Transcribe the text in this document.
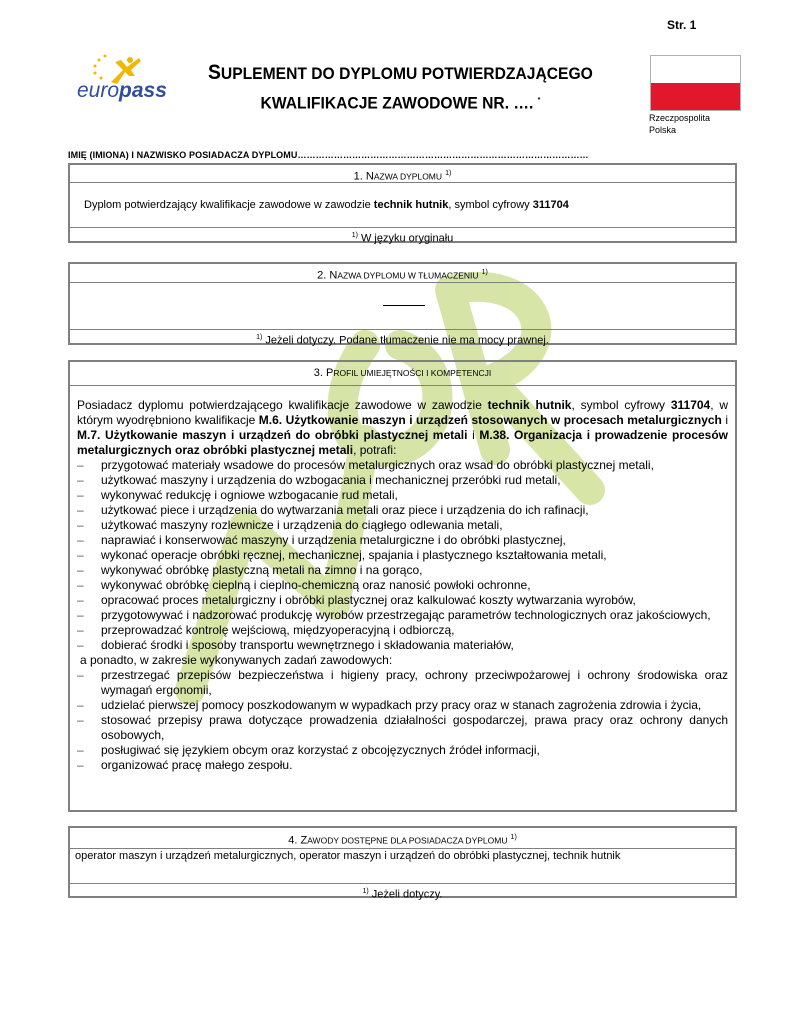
Str. 1
europass
SUPLEMENT DO DYPLOMU POTWIERDZAJĄCEGO
KWALIFIKACJE ZAWODOWE NR. …. *
Rzeczpospolita
Polska
IMIĘ (IMIONA) I NAZWISKO POSIADACZA DYPLOMU……………………………………………………………………………………
1. NAZWA DYPLOMU $^{1)}$
Dyplom potwierdzający kwalifikacje zawodowe w zawodzie technik hutnik, symbol cyfrowy 311704
$^{1)}$ W języku oryginału
2. NAZWA DYPLOMU W TŁUMACZENIU $^{1)}$
$^{1)}$ Jeżeli dotyczy. Podane tłumaczenie nie ma mocy prawnej.
3. PROFIL UMIEJĘTNOŚCI I KOMPETENCJI
Posiadacz dyplomu potwierdzającego kwalifikacje zawodowe w zawodzie technik hutnik, symbol cyfrowy 311704, w którym wyodrębniono kwalifikacje M.6. Użytkowanie maszyn i urządzeń stosowanych w procesach metalurgicznych i M.7. Użytkowanie maszyn i urządzeń do obróbki plastycznej metali i M.38. Organizacja i prowadzenie procesów metalurgicznych oraz obróbki plastycznej metali, potrafi:
– przygotować materiały wsadowe do procesów metalurgicznych oraz wsad do obróbki plastycznej metali,
– użytkować maszyny i urządzenia do wzbogacania i mechanicznej przeróbki rud metali,
– wykonywać redukcję i ogniowe wzbogacanie rud metali,
– użytkować piece i urządzenia do wytwarzania metali oraz piece i urządzenia do ich rafinacji,
– użytkować maszyny rozlewnicze i urządzenia do ciągłego odlewania metali,
– naprawiać i konserwować maszyny i urządzenia metalurgiczne i do obróbki plastycznej,
– wykonać operacje obróbki ręcznej, mechanicznej, spajania i plastycznego kształtowania metali,
– wykonywać obróbkę plastyczną metali na zimno i na gorąco,
– wykonywać obróbkę cieplną i cieplno-chemiczną oraz nanosić powłoki ochronne,
– opracować proces metalurgiczny i obróbki plastycznej oraz kalkulować koszty wytwarzania wyrobów,
– przygotowywać i nadzorować produkcję wyrobów przestrzegając parametrów technologicznych oraz jakościowych,
– przeprowadzać kontrolę wejściową, międzyoperacyjną i odbiorczą,
– dobierać środki i sposoby transportu wewnętrznego i składowania materiałów,
a ponadto, w zakresie wykonywanych zadań zawodowych:
– przestrzegać przepisów bezpieczeństwa i higieny pracy, ochrony przeciwpożarowej i ochrony środowiska oraz wymagań ergonomii,
– udzielać pierwszej pomocy poszkodowanym w wypadkach przy pracy oraz w stanach zagrożenia zdrowia i życia,
– stosować przepisy prawa dotyczące prowadzenia działalności gospodarczej, prawa pracy oraz ochrony danych osobowych,
– posługiwać się językiem obcym oraz korzystać z obcojęzycznych źródeł informacji,
– organizować pracę małego zespołu.
4. ZAWODY DOSTĘPNE DLA POSIADACZA DYPLOMU $^{1)}$
operator maszyn i urządzeń metalurgicznych, operator maszyn i urządzeń do obróbki plastycznej, technik hutnik
$^{1)}$ Jeżeli dotyczy.
